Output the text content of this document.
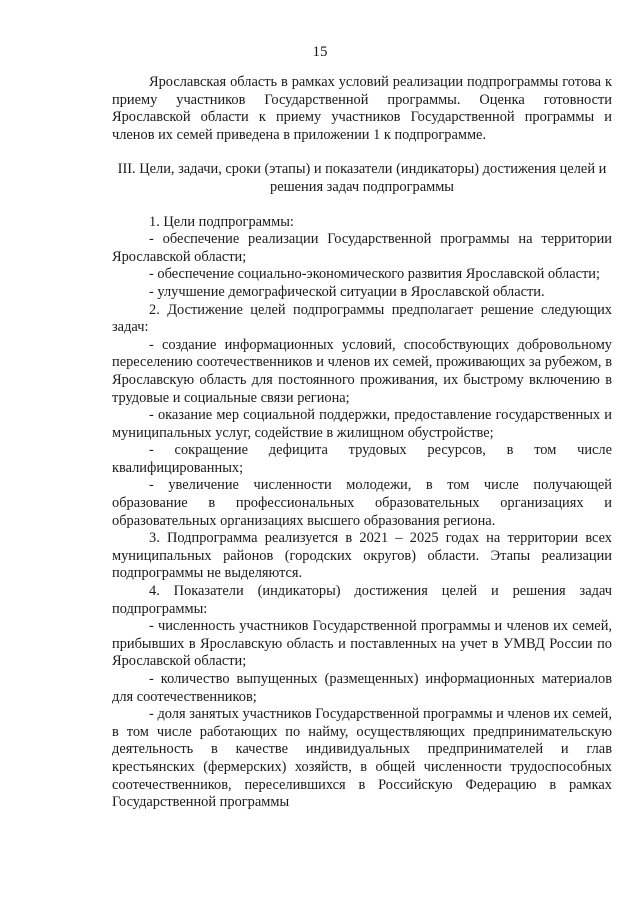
15

Ярославская область в рамках условий реализации подпрограммы готова к приему участников Государственной программы. Оценка готовности Ярославской области к приему участников Государственной программы и членов их семей приведена в приложении 1 к подпрограмме.

III. Цели, задачи, сроки (этапы) и показатели (индикаторы) достижения целей и решения задач подпрограммы

1. Цели подпрограммы:

- обеспечение реализации Государственной программы на территории Ярославской области;

- обеспечение социально-экономического развития Ярославской области;

- улучшение демографической ситуации в Ярославской области.

2. Достижение целей подпрограммы предполагает решение следующих задач:

- создание информационных условий, способствующих добровольному переселению соотечественников и членов их семей, проживающих за рубежом, в Ярославскую область для постоянного проживания, их быстрому включению в трудовые и социальные связи региона;

- оказание мер социальной поддержки, предоставление государственных и муниципальных услуг, содействие в жилищном обустройстве;

- сокращение дефицита трудовых ресурсов, в том числе квалифицированных;

- увеличение численности молодежи, в том числе получающей образование в профессиональных образовательных организациях и образовательных организациях высшего образования региона.

3. Подпрограмма реализуется в 2021 – 2025 годах на территории всех муниципальных районов (городских округов) области. Этапы реализации подпрограммы не выделяются.

4. Показатели (индикаторы) достижения целей и решения задач подпрограммы:

- численность участников Государственной программы и членов их семей, прибывших в Ярославскую область и поставленных на учет в УМВД России по Ярославской области;

- количество выпущенных (размещенных) информационных материалов для соотечественников;

- доля занятых участников Государственной программы и членов их семей, в том числе работающих по найму, осуществляющих предпринимательскую деятельность в качестве индивидуальных предпринимателей и глав крестьянских (фермерских) хозяйств, в общей численности трудоспособных соотечественников, переселившихся в Российскую Федерацию в рамках Государственной программы
